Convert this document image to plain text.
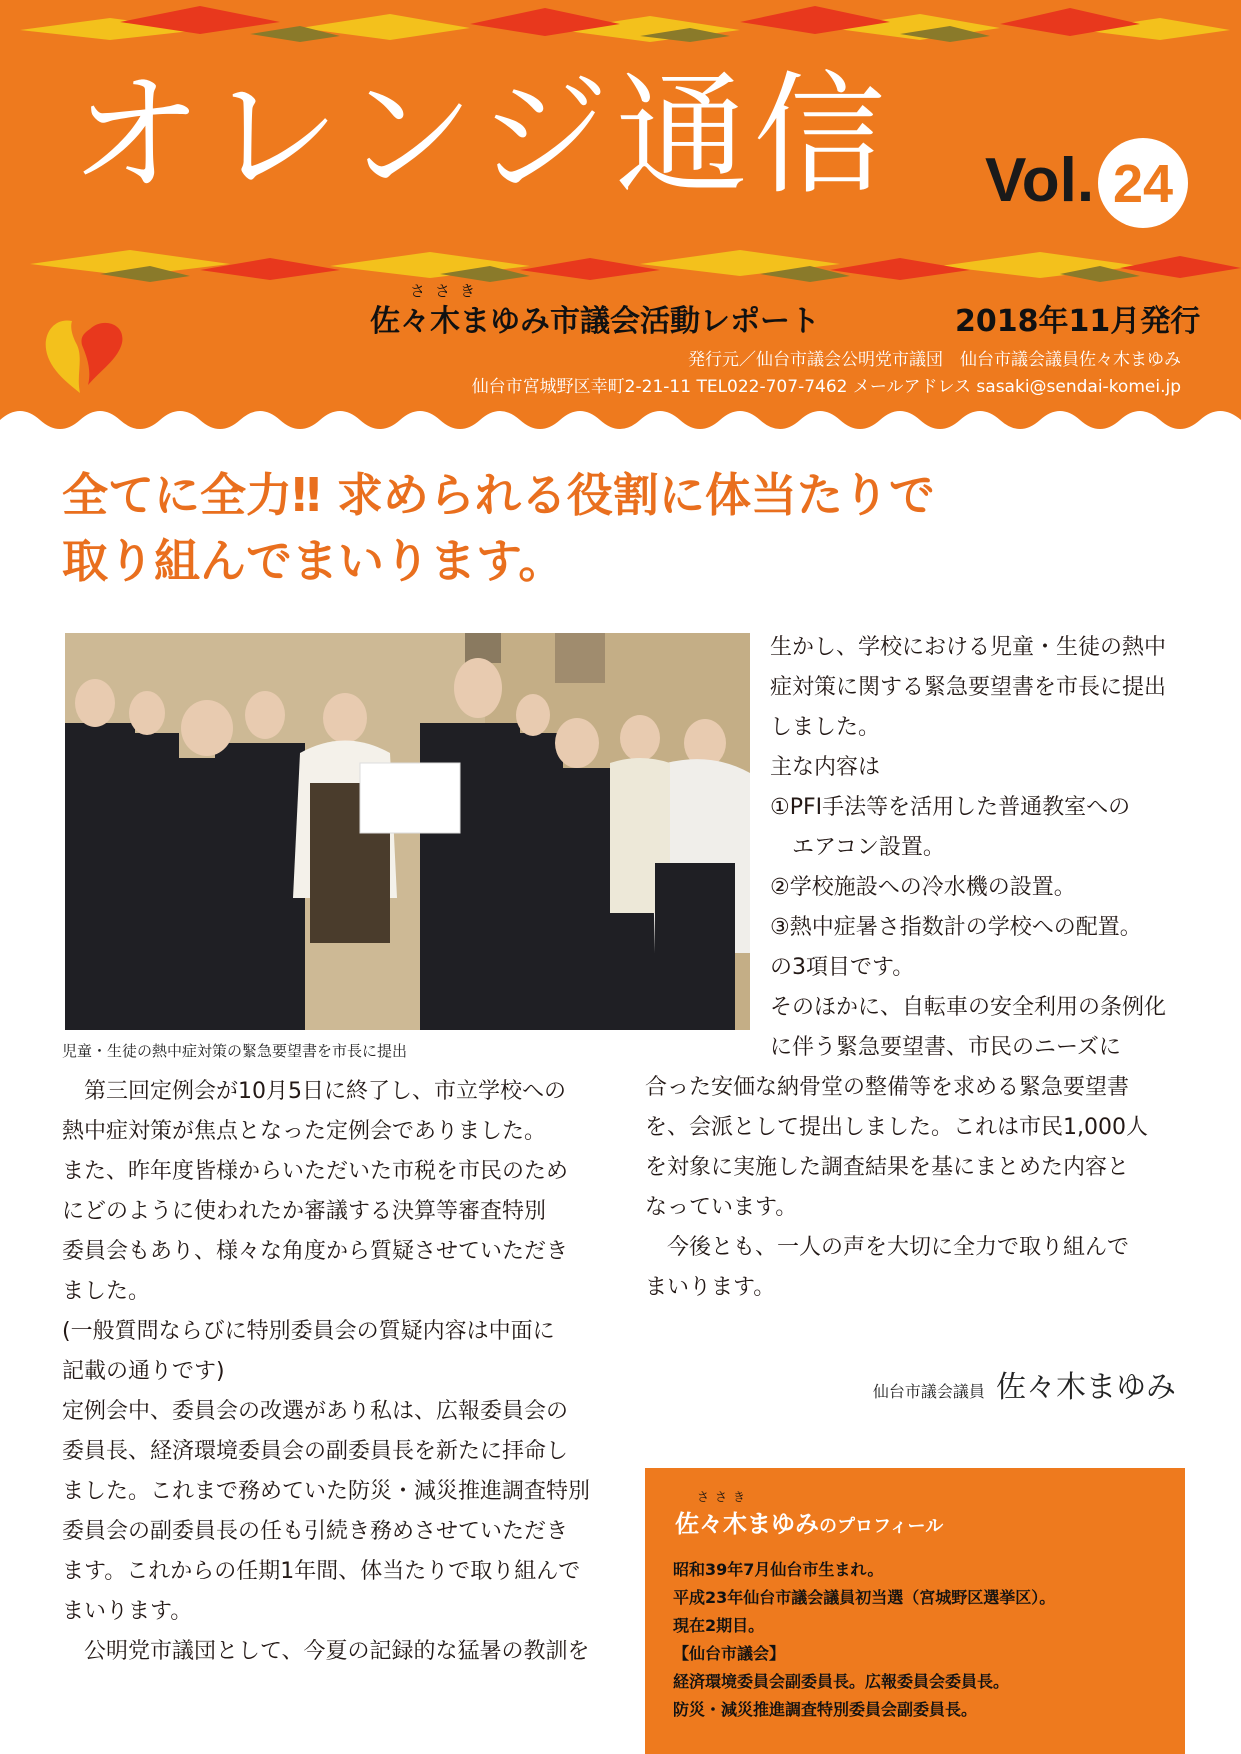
オレンジ通信 Vol. 24
ささき
佐々木まゆみ市議会活動レポート	2018年11月発行
発行元／仙台市議会公明党市議団　仙台市議会議員佐々木まゆみ
仙台市宮城野区幸町2-21-11 TEL022-707-7462 メールアドレス sasaki@sendai-komei.jp
全てに全力‼ 求められる役割に体当たりで
取り組んでまいります。
児童・生徒の熱中症対策の緊急要望書を市長に提出

第三回定例会が10月5日に終了し、市立学校への

熱中症対策が焦点となった定例会でありました。

また、昨年度皆様からいただいた市税を市民のため

にどのように使われたか審議する決算等審査特別

委員会もあり、様々な角度から質疑させていただき

ました。

(一般質問ならびに特別委員会の質疑内容は中面に

記載の通りです)

定例会中、委員会の改選があり私は、広報委員会の

委員長、経済環境委員会の副委員長を新たに拝命し

ました。これまで務めていた防災・減災推進調査特別

委員会の副委員長の任も引続き務めさせていただき

ます。これからの任期1年間、体当たりで取り組んで

まいります。

公明党市議団として、今夏の記録的な猛暑の教訓を

生かし、学校における児童・生徒の熱中

症対策に関する緊急要望書を市長に提出

しました。

主な内容は

①PFI手法等を活用した普通教室への

エアコン設置。

②学校施設への冷水機の設置。

③熱中症暑さ指数計の学校への配置。

の3項目です。

そのほかに、自転車の安全利用の条例化

に伴う緊急要望書、市民のニーズに

合った安価な納骨堂の整備等を求める緊急要望書

を、会派として提出しました。これは市民1,000人

を対象に実施した調査結果を基にまとめた内容と

なっています。

今後とも、一人の声を大切に全力で取り組んで

まいります。

仙台市議会議員 佐々木まゆみ
ささき
佐々木まゆみのプロフィール
昭和39年7月仙台市生まれ。
平成23年仙台市議会議員初当選（宮城野区選挙区）。
現在2期目。
【仙台市議会】
経済環境委員会副委員長。広報委員会委員長。
防災・減災推進調査特別委員会副委員長。
